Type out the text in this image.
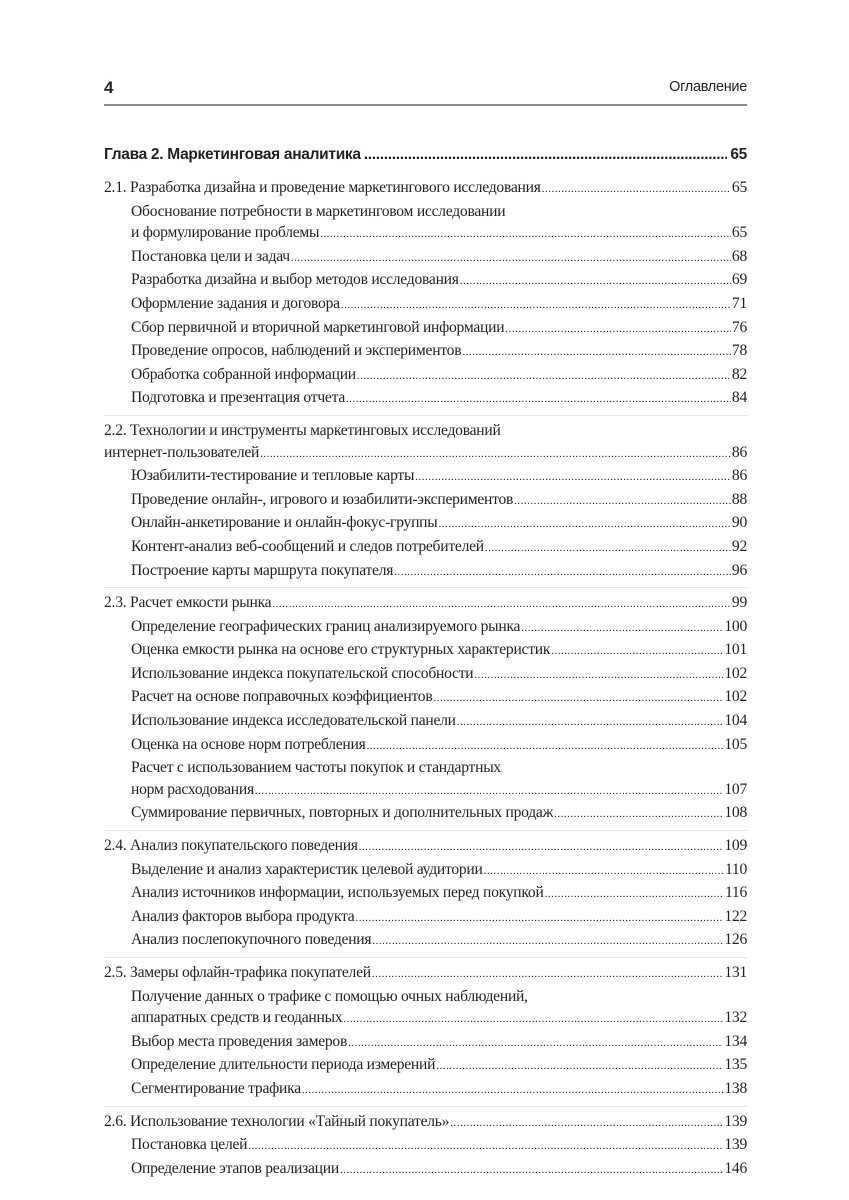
4	Оглавление
Глава 2. Маркетинговая аналитика .....	65
2.1. Разработка дизайна и проведение маркетингового исследования .....	65
Обоснование потребности в маркетинговом исследовании
и формулирование проблемы .....	65
Постановка цели и задач .....	68
Разработка дизайна и выбор методов исследования .....	69
Оформление задания и договора .....	71
Сбор первичной и вторичной маркетинговой информации .....	76
Проведение опросов, наблюдений и экспериментов .....	78
Обработка собранной информации .....	82
Подготовка и презентация отчета .....	84
2.2. Технологии и инструменты маркетинговых исследований
интернет-пользователей .....	86
Юзабилити-тестирование и тепловые карты .....	86
Проведение онлайн-, игрового и юзабилити-экспериментов .....	88
Онлайн-анкетирование и онлайн-фокус-группы .....	90
Контент-анализ веб-сообщений и следов потребителей .....	92
Построение карты маршрута покупателя .....	96
2.3. Расчет емкости рынка .....	99
Определение географических границ анализируемого рынка .....	100
Оценка емкости рынка на основе его структурных характеристик .....	101
Использование индекса покупательской способности .....	102
Расчет на основе поправочных коэффициентов .....	102
Использование индекса исследовательской панели .....	104
Оценка на основе норм потребления .....	105
Расчет с использованием частоты покупок и стандартных
норм расходования .....	107
Суммирование первичных, повторных и дополнительных продаж .....	108
2.4. Анализ покупательского поведения .....	109
Выделение и анализ характеристик целевой аудитории .....	110
Анализ источников информации, используемых перед покупкой .....	116
Анализ факторов выбора продукта .....	122
Анализ послепокупочного поведения .....	126
2.5. Замеры офлайн-трафика покупателей .....	131
Получение данных о трафике с помощью очных наблюдений,
аппаратных средств и геоданных .....	132
Выбор места проведения замеров .....	134
Определение длительности периода измерений .....	135
Сегментирование трафика .....	138
2.6. Использование технологии «Тайный покупатель» .....	139
Постановка целей .....	139
Определение этапов реализации .....	146
